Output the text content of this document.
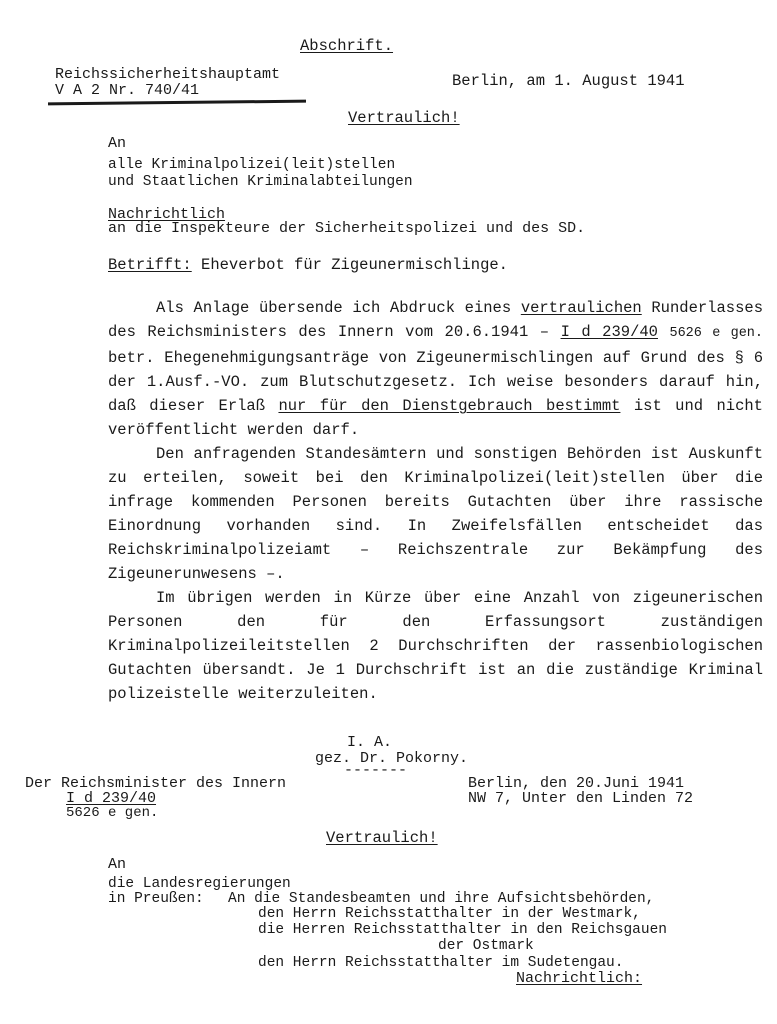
Abschrift.
Reichssicherheitshauptamt
V A 2 Nr. 740/41
Berlin, am 1. August 1941
Vertraulich!
An
alle Kriminalpolizei(leit)stellen
und Staatlichen Kriminalabteilungen
Nachrichtlich
an die Inspekteure der Sicherheitspolizei und des SD.
Betrifft: Eheverbot für Zigeunermischlinge.

Als Anlage übersende ich Abdruck eines vertraulichen Runderlasses des Reichsministers des Innern vom 20.6.1941 – I d 239/40 5626 e gen. betr. Ehegenehmigungsanträge von Zigeunermischlingen auf Grund des § 6 der 1.Ausf.-VO. zum Blutschutzgesetz. Ich weise besonders darauf hin, daß dieser Erlaß nur für den Dienstgebrauch bestimmt ist und nicht veröffentlicht werden darf.

Den anfragenden Standesämtern und sonstigen Behörden ist Auskunft zu erteilen, soweit bei den Kriminalpolizei(leit)stellen über die infrage kommenden Personen bereits Gutachten über ihre rassische Einordnung vorhanden sind. In Zweifelsfällen entscheidet das Reichskriminalpolizeiamt – Reichszentrale zur Bekämpfung des Zigeunerunwesens –.

Im übrigen werden in Kürze über eine Anzahl von zigeunerischen Personen den für den Erfassungsort zuständigen Kriminalpolizeileitstellen 2 Durchschriften der rassenbiologischen Gutachten übersandt. Je 1 Durchschrift ist an die zuständige Kriminal polizeistelle weiterzuleiten.

I. A.
gez. Dr. Pokorny.
-------
Der Reichsminister des Innern
I d 239/40
5626 e gen.
Berlin, den 20.Juni 1941
NW 7, Unter den Linden 72
Vertraulich!
An
die Landesregierungen
in Preußen: An die Standesbeamten und ihre Aufsichtsbehörden,
den Herrn Reichsstatthalter in der Westmark,
die Herren Reichsstatthalter in den Reichsgauen
der Ostmark
den Herrn Reichsstatthalter im Sudetengau.
Nachrichtlich:
